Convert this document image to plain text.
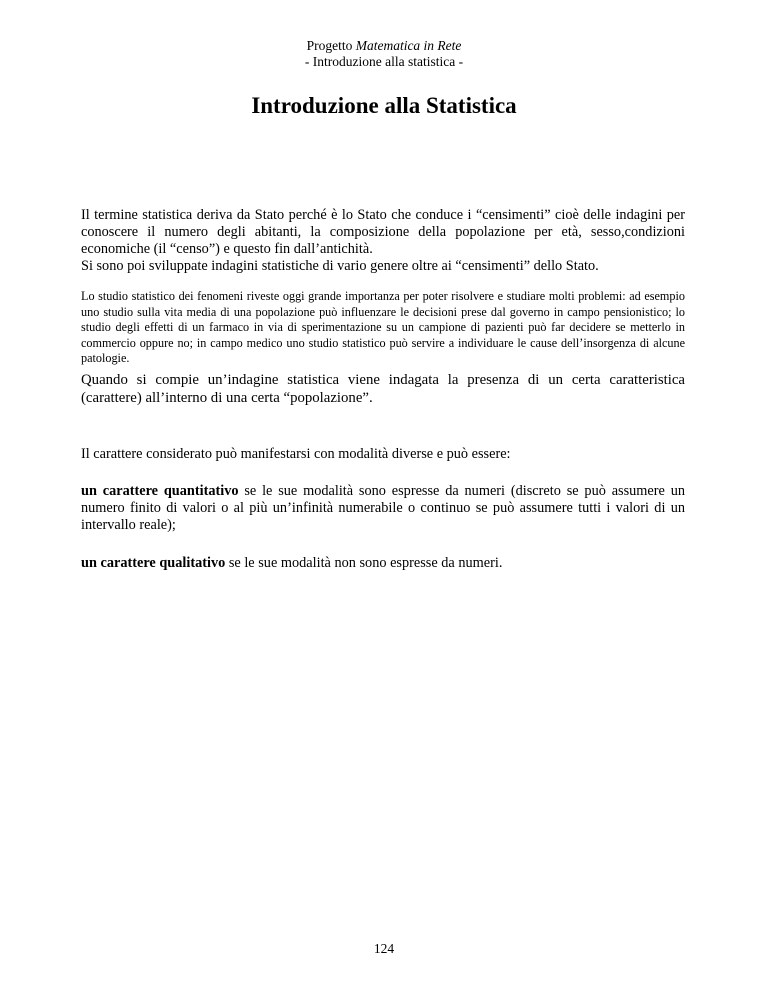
Progetto Matematica in Rete
- Introduzione alla statistica -
Introduzione alla Statistica
Il termine statistica deriva da Stato perché è lo Stato che conduce i “censimenti” cioè delle indagini per conoscere il numero degli abitanti, la composizione della popolazione per età, sesso,condizioni economiche (il “censo”) e questo fin dall’antichità.
Si sono poi sviluppate indagini statistiche di vario genere oltre ai “censimenti” dello Stato.
Lo studio statistico dei fenomeni riveste oggi grande importanza per poter risolvere e studiare molti problemi: ad esempio uno studio sulla vita media di una popolazione può influenzare le decisioni prese dal governo in campo pensionistico; lo studio degli effetti di un farmaco in via di sperimentazione su un campione di pazienti può far decidere se metterlo in commercio oppure no; in campo medico uno studio statistico può servire a individuare le cause dell’insorgenza di alcune patologie.
Quando si compie un’indagine statistica viene indagata la presenza di un certa caratteristica (carattere) all’interno di una certa “popolazione”.
Il carattere considerato può manifestarsi con modalità diverse e può essere:
un carattere quantitativo se le sue modalità sono espresse da numeri (discreto se può assumere un numero finito di valori o al più un’infinità numerabile o continuo se può assumere tutti i valori di un intervallo reale);
un carattere qualitativo se le sue modalità non sono espresse da numeri.
124
